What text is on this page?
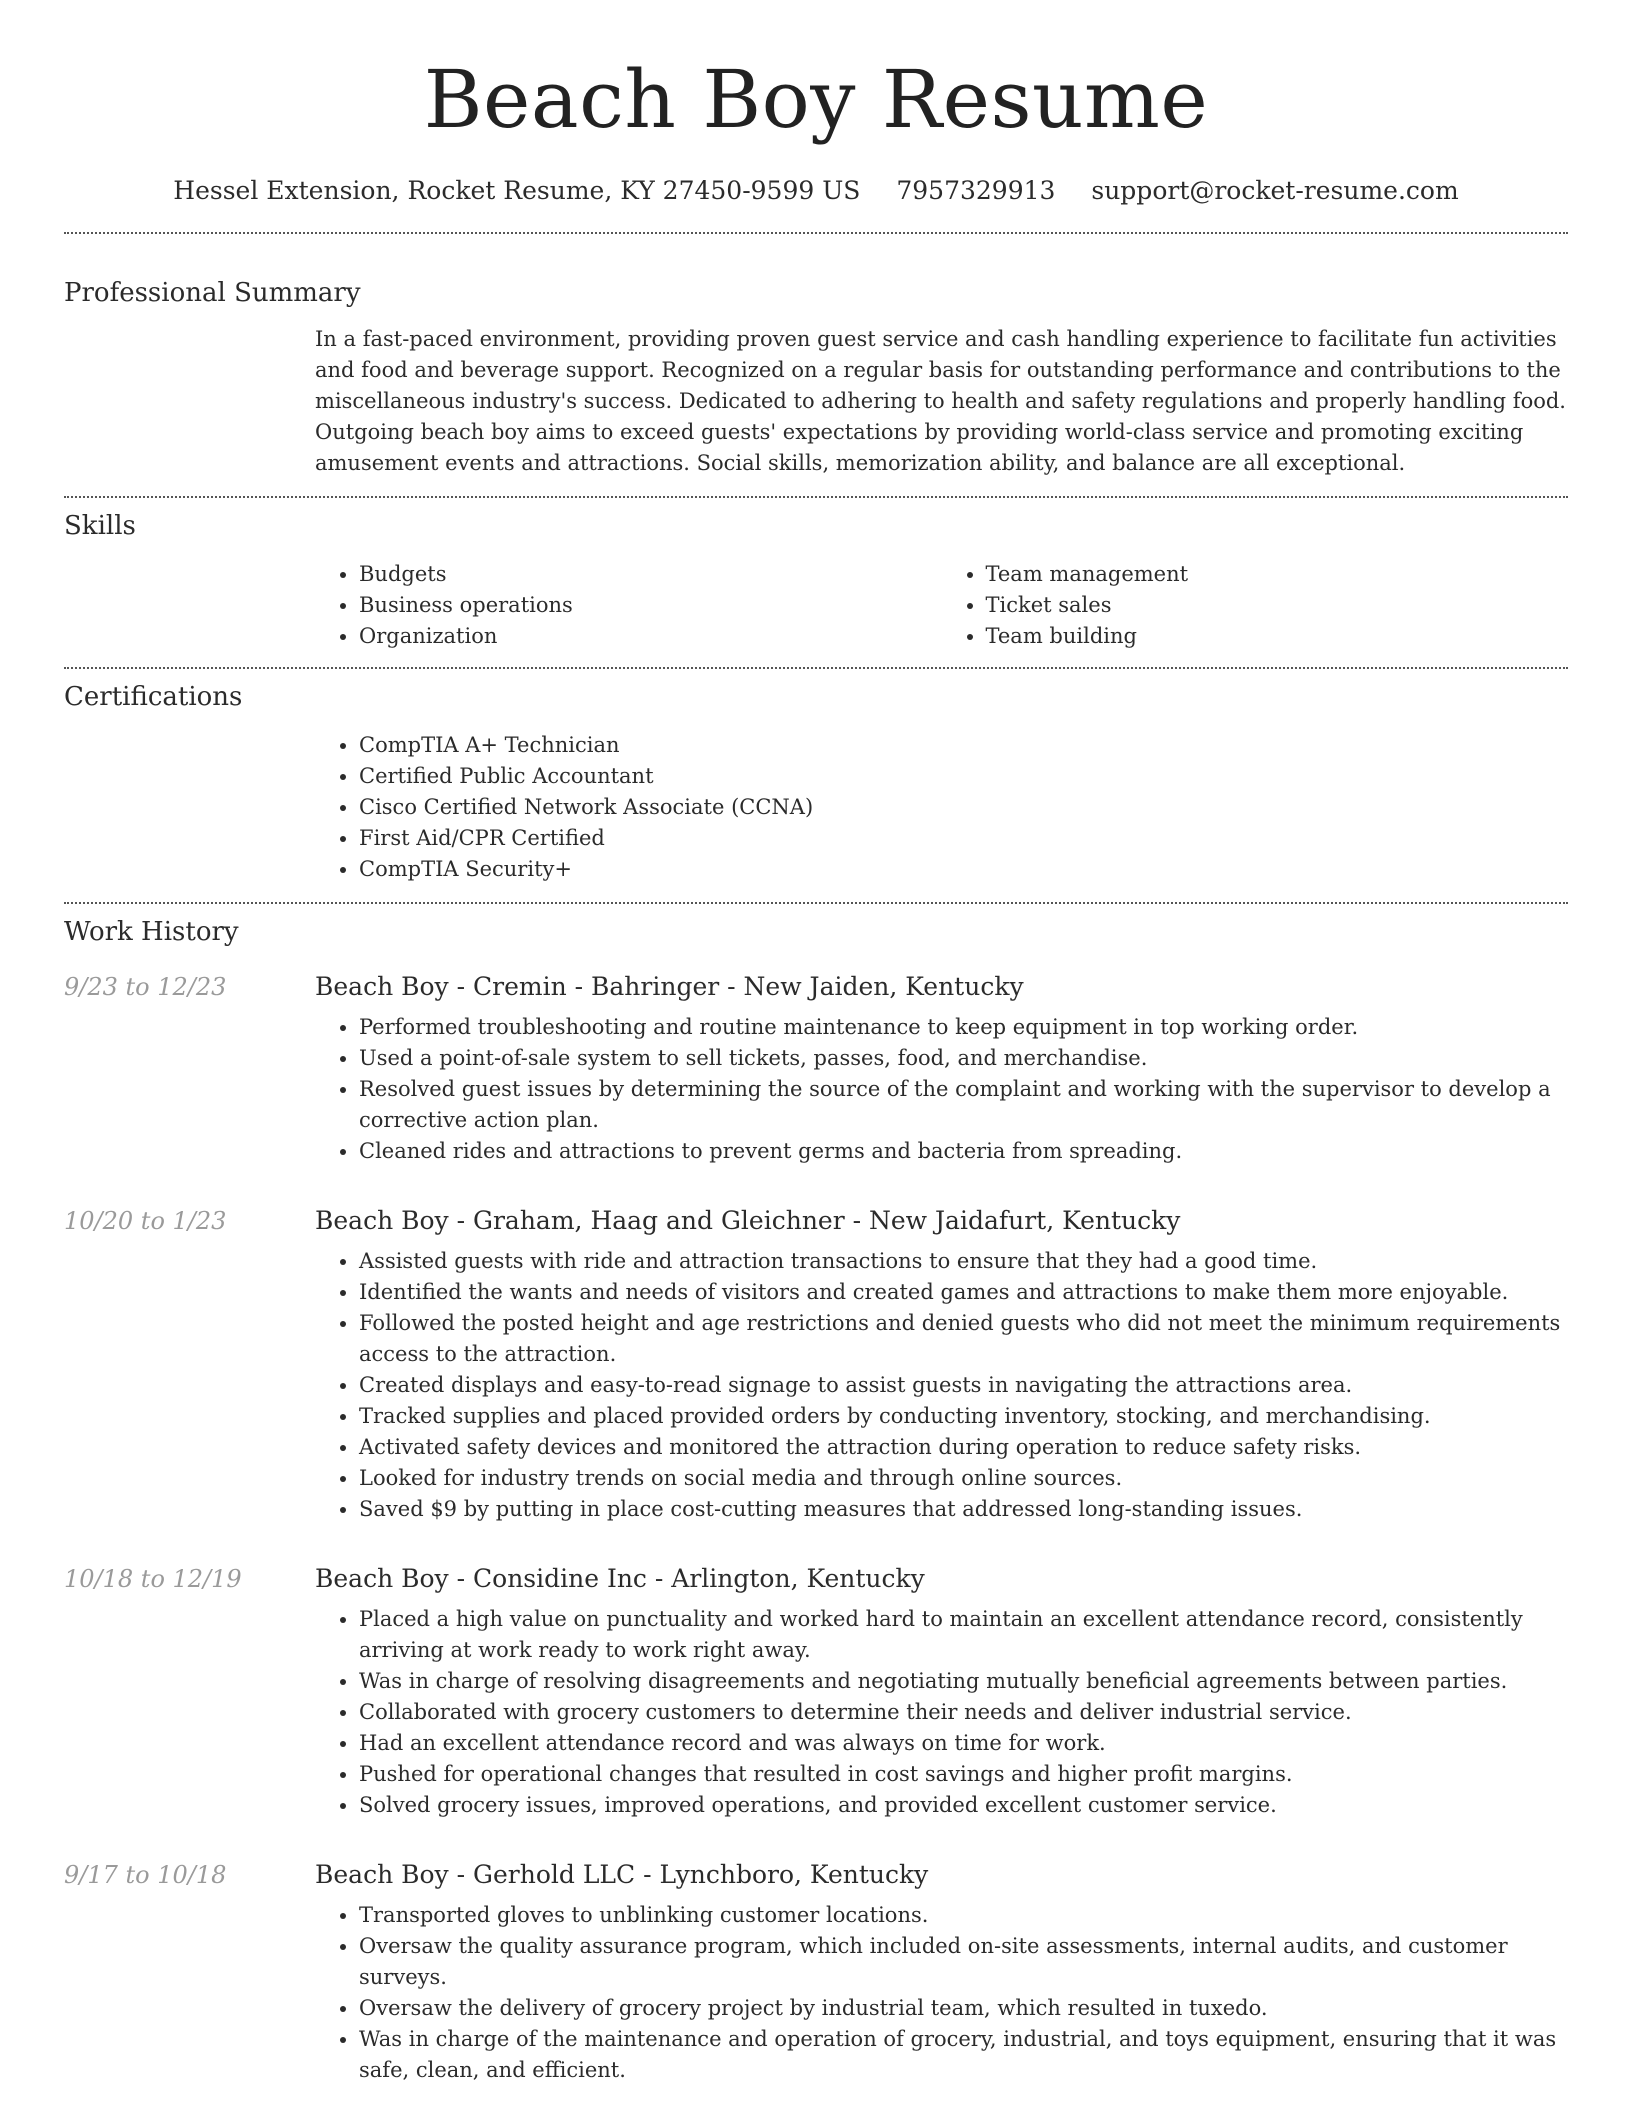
Beach Boy Resume
Hessel Extension, Rocket Resume, KY 27450-9599 US 7957329913 support@rocket-resume.com
Professional Summary

In a fast-paced environment, providing proven guest service and cash handling experience to facilitate fun activities and food and beverage support. Recognized on a regular basis for outstanding performance and contributions to the miscellaneous industry's success. Dedicated to adhering to health and safety regulations and properly handling food. Outgoing beach boy aims to exceed guests' expectations by providing world-class service and promoting exciting amusement events and attractions. Social skills, memorization ability, and balance are all exceptional.

Skills
• Budgets
• Business operations
• Organization
• Team management
• Ticket sales
• Team building
Certifications
• CompTIA A+ Technician
• Certified Public Accountant
• Cisco Certified Network Associate (CCNA)
• First Aid/CPR Certified
• CompTIA Security+
Work History
9/23 to 12/23	Beach Boy - Cremin - Bahringer - New Jaiden, Kentucky
• Performed troubleshooting and routine maintenance to keep equipment in top working order.
• Used a point-of-sale system to sell tickets, passes, food, and merchandise.
• Resolved guest issues by determining the source of the complaint and working with the supervisor to develop a corrective action plan.
• Cleaned rides and attractions to prevent germs and bacteria from spreading.
10/20 to 1/23	Beach Boy - Graham, Haag and Gleichner - New Jaidafurt, Kentucky
• Assisted guests with ride and attraction transactions to ensure that they had a good time.
• Identified the wants and needs of visitors and created games and attractions to make them more enjoyable.
• Followed the posted height and age restrictions and denied guests who did not meet the minimum requirements access to the attraction.
• Created displays and easy-to-read signage to assist guests in navigating the attractions area.
• Tracked supplies and placed provided orders by conducting inventory, stocking, and merchandising.
• Activated safety devices and monitored the attraction during operation to reduce safety risks.
• Looked for industry trends on social media and through online sources.
• Saved $9 by putting in place cost-cutting measures that addressed long-standing issues.
10/18 to 12/19	Beach Boy - Considine Inc - Arlington, Kentucky
• Placed a high value on punctuality and worked hard to maintain an excellent attendance record, consistently arriving at work ready to work right away.
• Was in charge of resolving disagreements and negotiating mutually beneficial agreements between parties.
• Collaborated with grocery customers to determine their needs and deliver industrial service.
• Had an excellent attendance record and was always on time for work.
• Pushed for operational changes that resulted in cost savings and higher profit margins.
• Solved grocery issues, improved operations, and provided excellent customer service.
9/17 to 10/18	Beach Boy - Gerhold LLC - Lynchboro, Kentucky
• Transported gloves to unblinking customer locations.
• Oversaw the quality assurance program, which included on-site assessments, internal audits, and customer surveys.
• Oversaw the delivery of grocery project by industrial team, which resulted in tuxedo.
• Was in charge of the maintenance and operation of grocery, industrial, and toys equipment, ensuring that it was safe, clean, and efficient.
